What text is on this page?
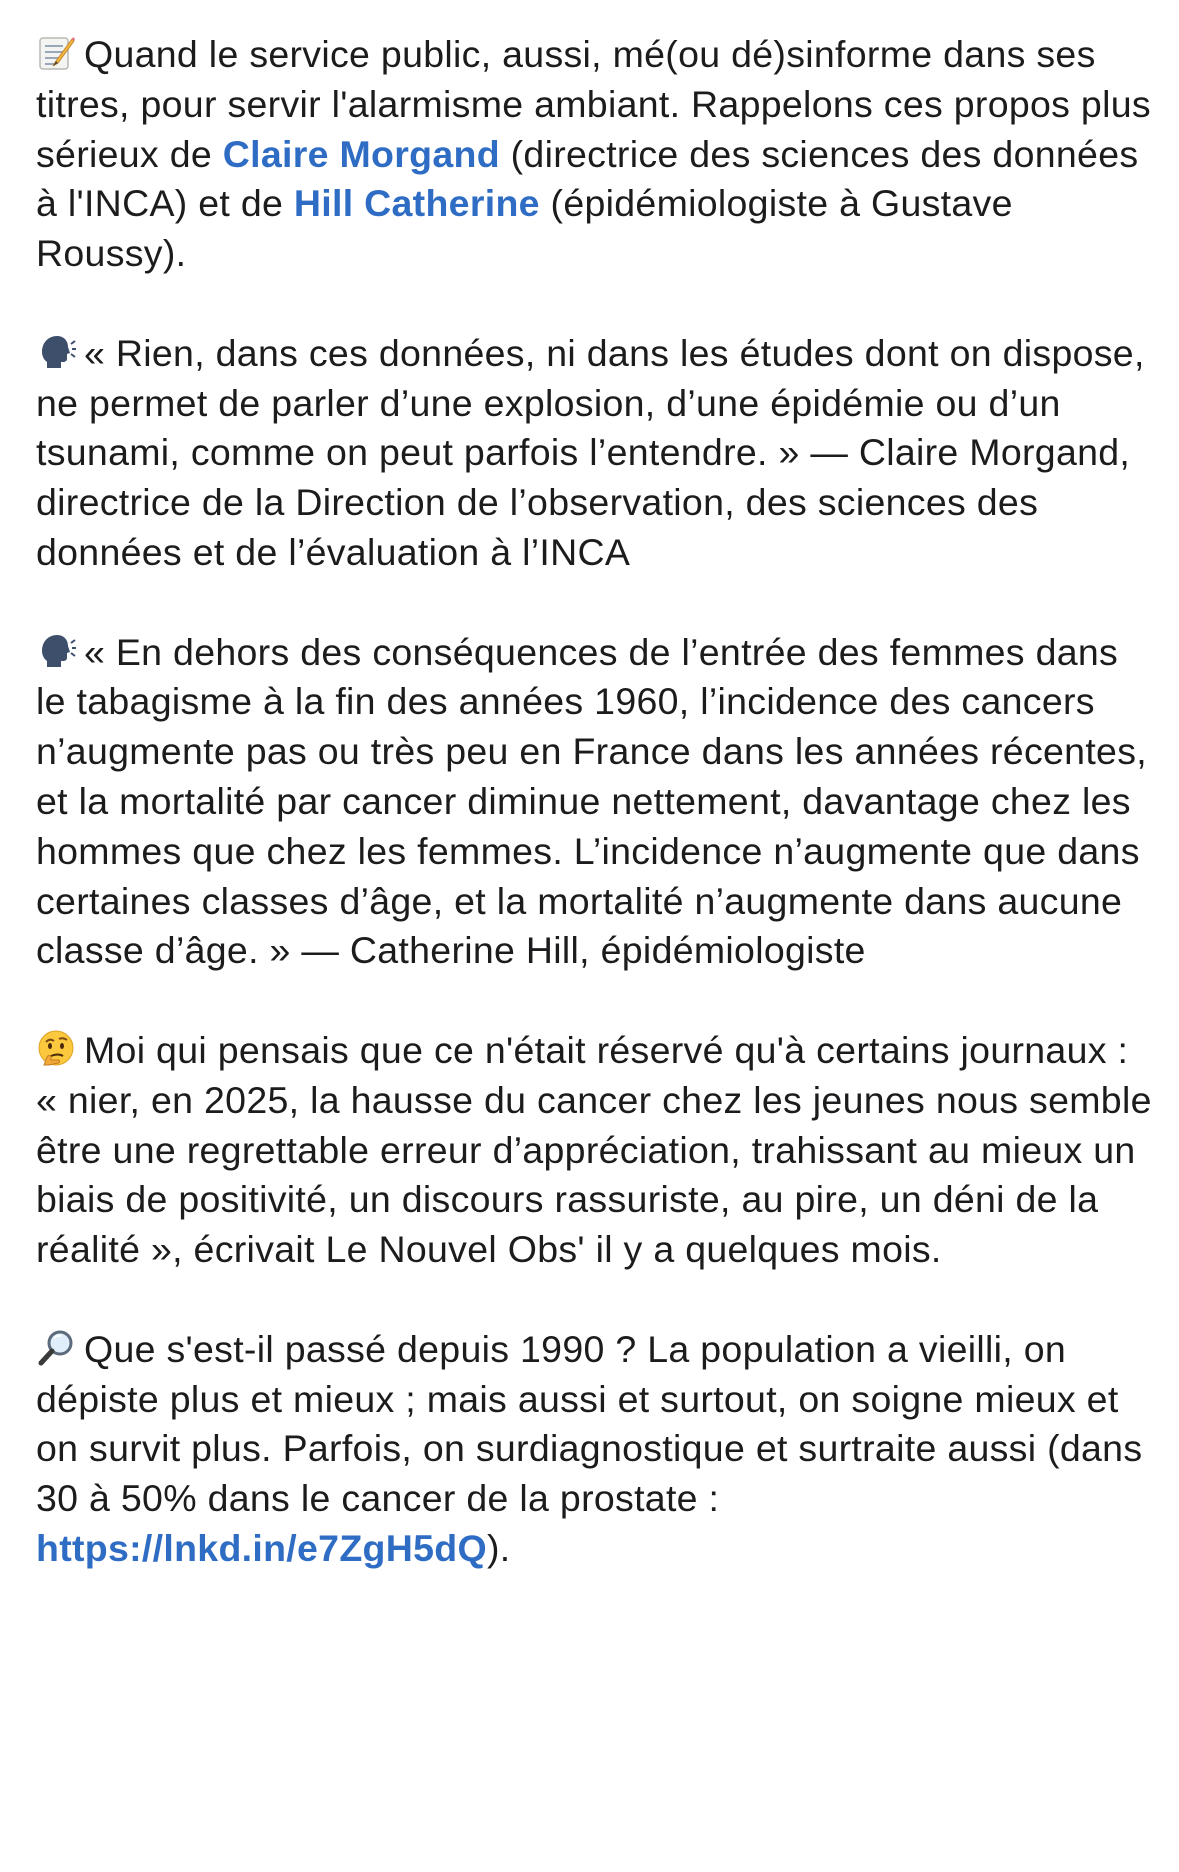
Quand le service public, aussi, mé(ou dé)sinforme dans ses titres, pour servir l'alarmisme ambiant. Rappelons ces propos plus sérieux de Claire Morgand (directrice des sciences des données à l'INCA) et de Hill Catherine (épidémiologiste à Gustave Roussy).

« Rien, dans ces données, ni dans les études dont on dispose, ne permet de parler d’une explosion, d’une épidémie ou d’un tsunami, comme on peut parfois l’entendre. » — Claire Morgand, directrice de la Direction de l’observation, des sciences des données et de l’évaluation à l’INCA

« En dehors des conséquences de l’entrée des femmes dans le tabagisme à la fin des années 1960, l’incidence des cancers n’augmente pas ou très peu en France dans les années récentes, et la mortalité par cancer diminue nettement, davantage chez les hommes que chez les femmes. L’incidence n’augmente que dans certaines classes d’âge, et la mortalité n’augmente dans aucune classe d’âge. » — Catherine Hill, épidémiologiste

Moi qui pensais que ce n'était réservé qu'à certains journaux : « nier, en 2025, la hausse du cancer chez les jeunes nous semble être une regrettable erreur d’appréciation, trahissant au mieux un biais de positivité, un discours rassuriste, au pire, un déni de la réalité », écrivait Le Nouvel Obs' il y a quelques mois.

Que s'est-il passé depuis 1990 ? La population a vieilli, on dépiste plus et mieux ; mais aussi et surtout, on soigne mieux et on survit plus. Parfois, on surdiagnostique et surtraite aussi (dans 30 à 50% dans le cancer de la prostate : https://lnkd.in/e7ZgH5dQ).
